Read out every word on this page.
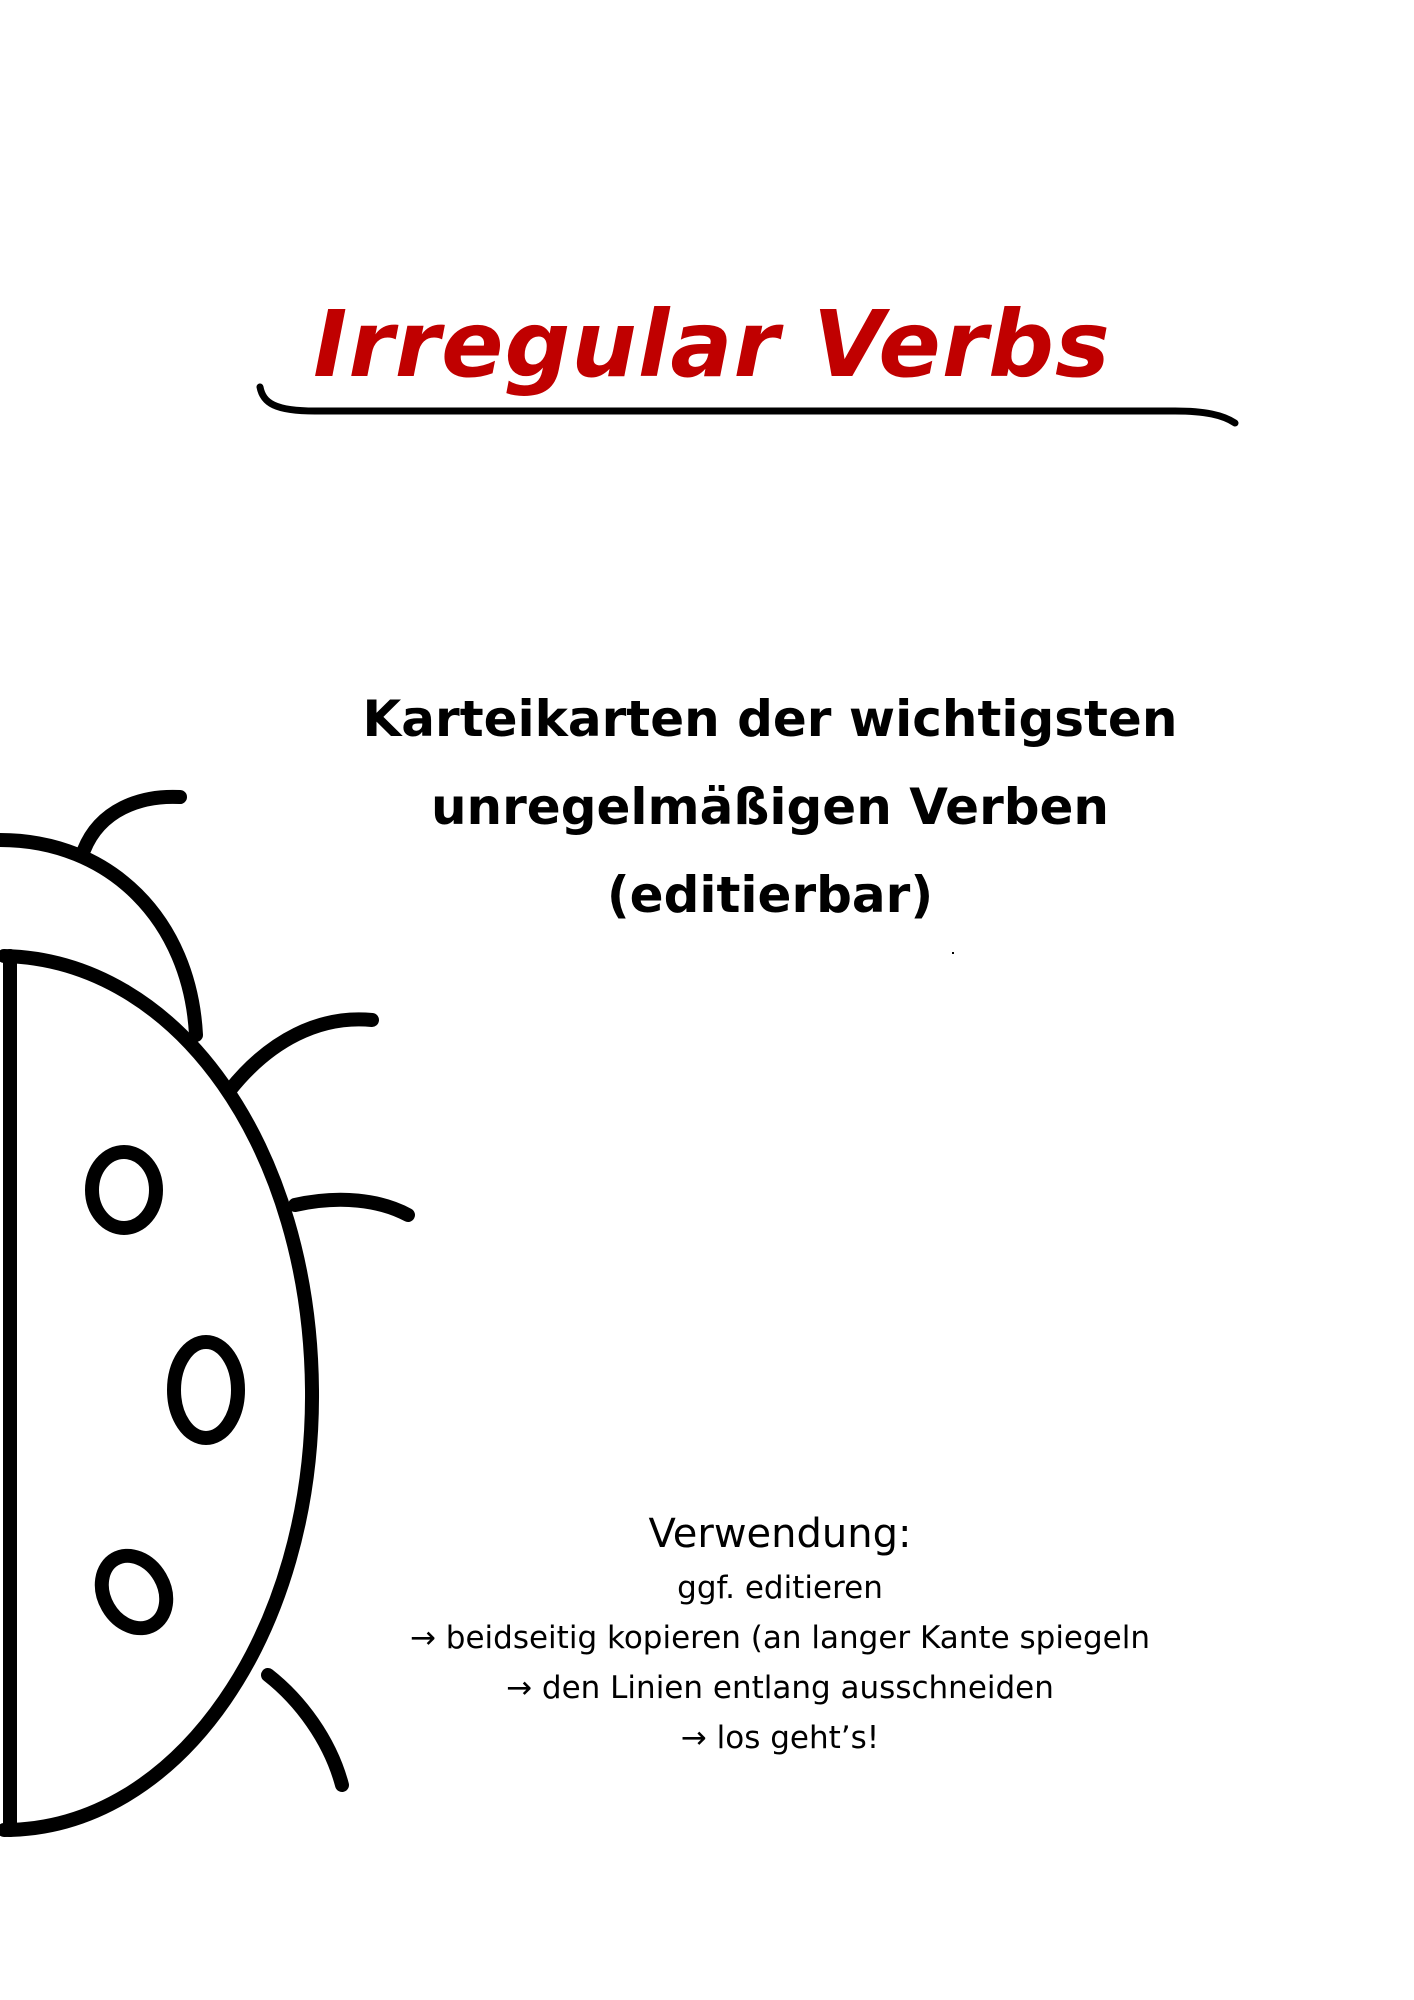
Irregular Verbs
Karteikarten der wichtigsten
unregelmäßigen Verben
(editierbar)
Verwendung:
ggf. editieren
→ beidseitig kopieren (an langer Kante spiegeln
→ den Linien entlang ausschneiden
→ los geht’s!
